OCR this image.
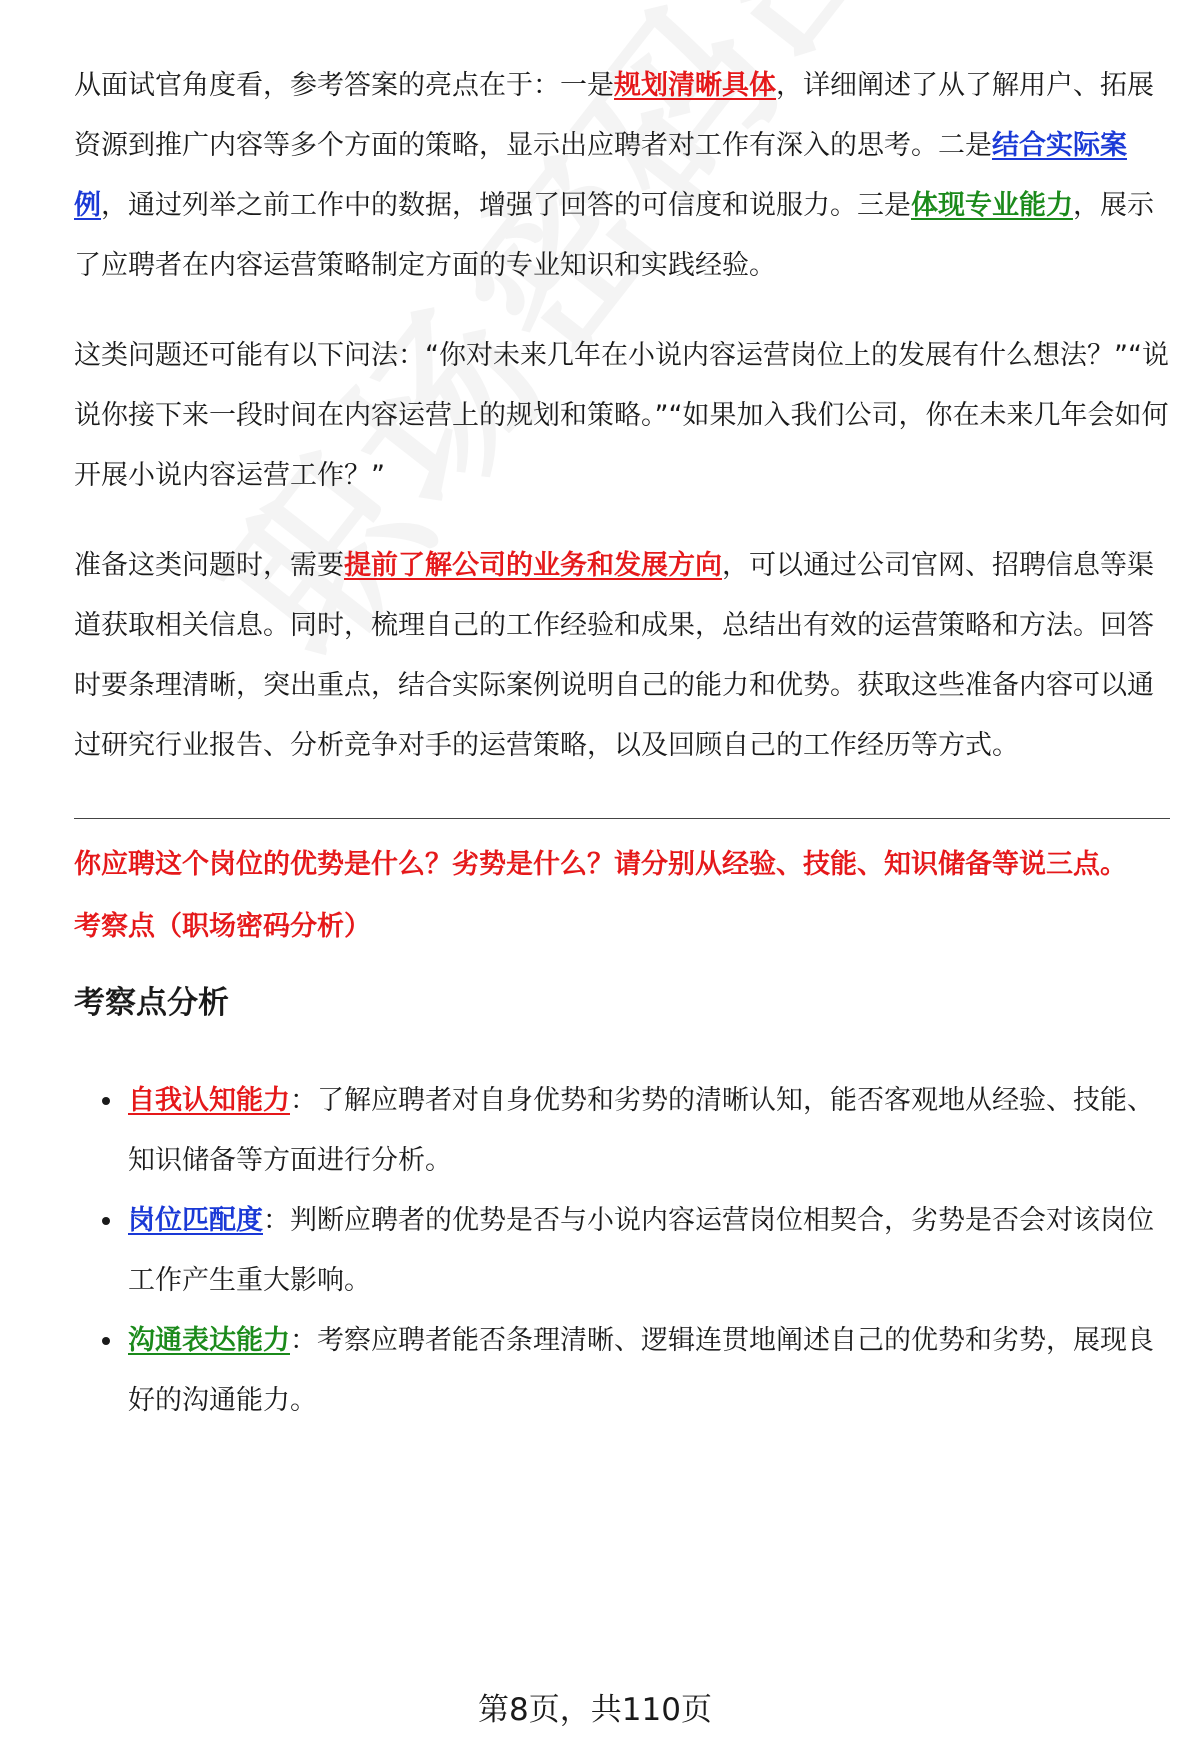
从面试官角度看，参考答案的亮点在于：一是规划清晰具体，详细阐述了从了解用户、拓展资源到推广内容等多个方面的策略，显示出应聘者对工作有深入的思考。二是结合实际案例，通过列举之前工作中的数据，增强了回答的可信度和说服力。三是体现专业能力，展示了应聘者在内容运营策略制定方面的专业知识和实践经验。

这类问题还可能有以下问法：“你对未来几年在小说内容运营岗位上的发展有什么想法？”“说说你接下来一段时间在内容运营上的规划和策略。”“如果加入我们公司，你在未来几年会如何开展小说内容运营工作？”

准备这类问题时，需要提前了解公司的业务和发展方向，可以通过公司官网、招聘信息等渠道获取相关信息。同时，梳理自己的工作经验和成果，总结出有效的运营策略和方法。回答时要条理清晰，突出重点，结合实际案例说明自己的能力和优势。获取这些准备内容可以通过研究行业报告、分析竞争对手的运营策略，以及回顾自己的工作经历等方式。

你应聘这个岗位的优势是什么？劣势是什么？请分别从经验、技能、知识储备等说三点。
考察点（职场密码分析）
考察点分析
自我认知能力：了解应聘者对自身优势和劣势的清晰认知，能否客观地从经验、技能、知识储备等方面进行分析。
岗位匹配度：判断应聘者的优势是否与小说内容运营岗位相契合，劣势是否会对该岗位工作产生重大影响。
沟通表达能力：考察应聘者能否条理清晰、逻辑连贯地阐述自己的优势和劣势，展现良好的沟通能力。
第8页，共110页
